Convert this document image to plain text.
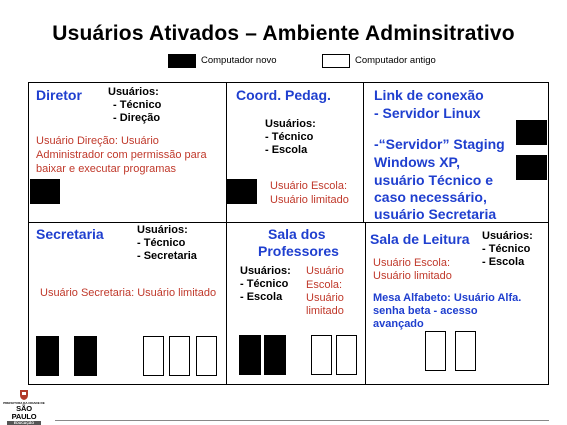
Usuários Ativados – Ambiente Adminsitrativo
Computador novo	Computador antigo
Diretor Usuários:
- Técnico
- Direção
Usuário Direção: Usuário
Administrador com permissão para
baixar e executar programas
Coord. Pedag.
Usuários:
- Técnico
- Escola
Usuário Escola:
Usuário limitado
Link de conexão
- Servidor Linux
-“Servidor” Staging
Windows XP,
usuário Técnico e
caso necessário,
usuário Secretaria
Secretaria	Usuários:
- Técnico
- Secretaria
Usuário Secretaria: Usuário limitado
Sala dos
Professores
Usuários:
- Técnico
- Escola
Usuário
Escola:
Usuário
limitado
Sala de Leitura Usuários:
- Técnico
- Escola
Usuário Escola:
Usuário limitado
Mesa Alfabeto: Usuário Alfa.
senha beta - acesso
avançado
PREFEITURA DA CIDADE DE
SÃO PAULO
EDUCAÇÃO
